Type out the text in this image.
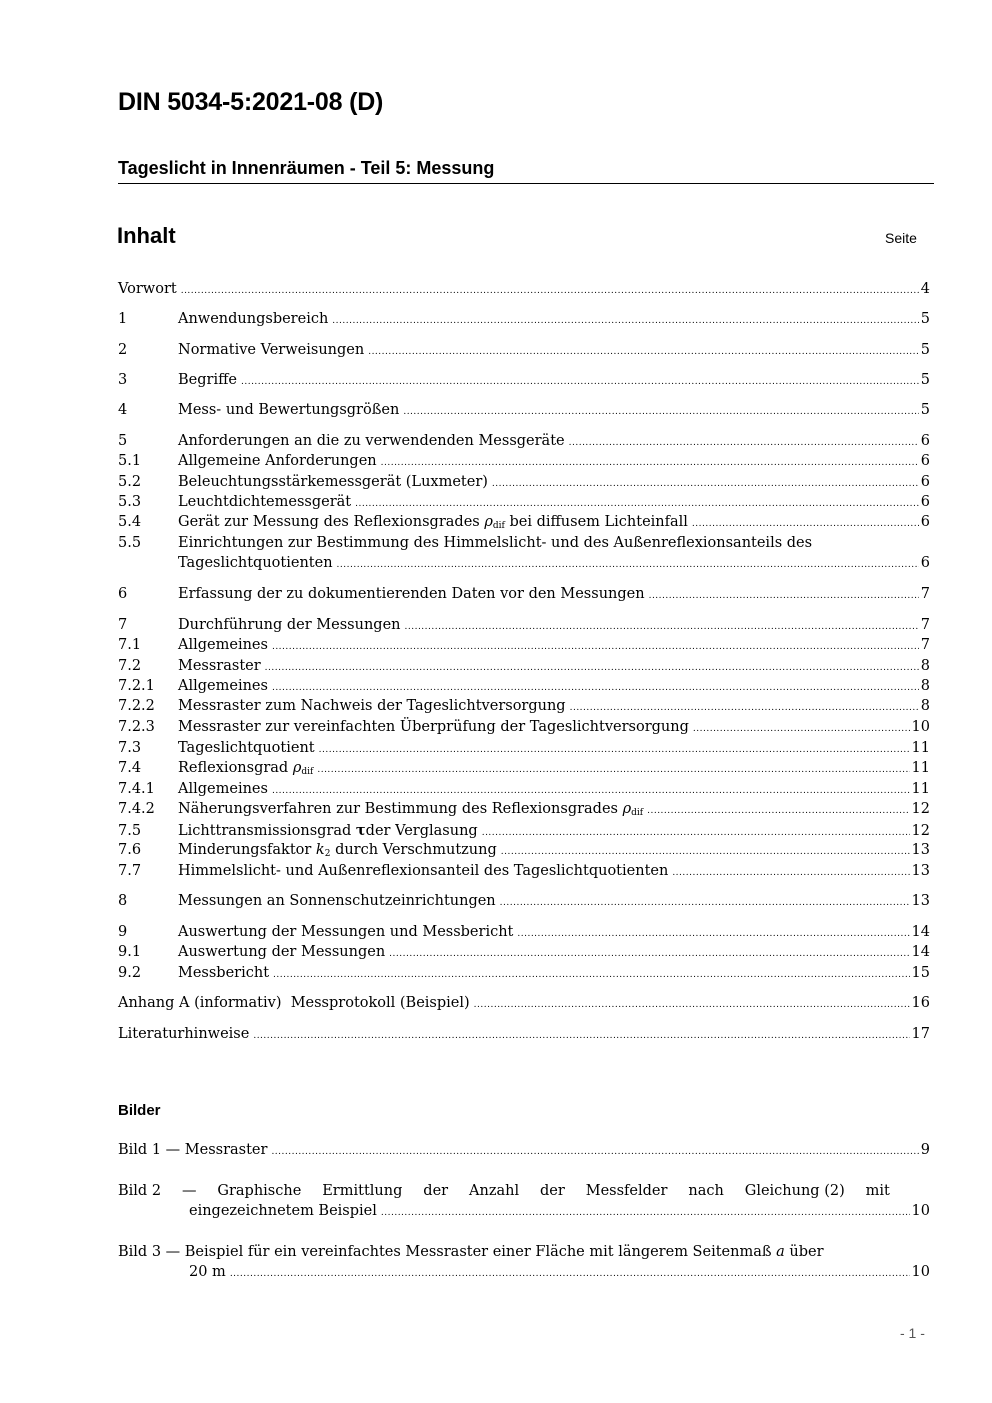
DIN 5034-5:2021-08 (D)
Tageslicht in Innenräumen - Teil 5: Messung
Inhalt	Seite
Vorwort .....	4
1	Anwendungsbereich .....	5
2	Normative Verweisungen .....	5
3	Begriffe .....	5
4	Mess- und Bewertungsgrößen .....	5
5	Anforderungen an die zu verwendenden Messgeräte .....	6
5.1	Allgemeine Anforderungen .....	6
5.2	Beleuchtungsstärkemessgerät (Luxmeter) .....	6
5.3	Leuchtdichtemessgerät .....	6
5.4	Gerät zur Messung des Reflexionsgrades $\rho_{dif}$ bei diffusem Lichteinfall .....	6
5.5	Einrichtungen zur Bestimmung des Himmelslicht- und des Außenreflexionsanteils des
Tageslichtquotienten .....	6
6	Erfassung der zu dokumentierenden Daten vor den Messungen .....	7
7	Durchführung der Messungen .....	7
7.1	Allgemeines .....	7
7.2	Messraster .....	8
7.2.1	Allgemeines .....	8
7.2.2	Messraster zum Nachweis der Tageslichtversorgung .....	8
7.2.3	Messraster zur vereinfachten Überprüfung der Tageslichtversorgung .....	10
7.3	Tageslichtquotient .....	11
7.4	Reflexionsgrad $\rho_{dif}$ .....	11
7.4.1	Allgemeines .....	11
7.4.2	Näherungsverfahren zur Bestimmung des Reflexionsgrades $\rho_{dif}$ .....	12
7.5	Lichttransmissionsgrad τder Verglasung .....	12
7.6	Minderungsfaktor $k_2$ durch Verschmutzung .....	13
7.7	Himmelslicht- und Außenreflexionsanteil des Tageslichtquotienten .....	13
8	Messungen an Sonnenschutzeinrichtungen .....	13
9	Auswertung der Messungen und Messbericht .....	14
9.1	Auswertung der Messungen .....	14
9.2	Messbericht .....	15
Anhang A (informativ)  Messprotokoll (Beispiel) .....	16
Literaturhinweise .....	17
Bilder
Bild 1 — Messraster .....	9
Bild 2 — Graphische Ermittlung der Anzahl der Messfelder nach Gleichung (2) mit
eingezeichnetem Beispiel .....	10
Bild 3 — Beispiel für ein vereinfachtes Messraster einer Fläche mit längerem Seitenmaß a über
20 m .....	10
- 1 -
